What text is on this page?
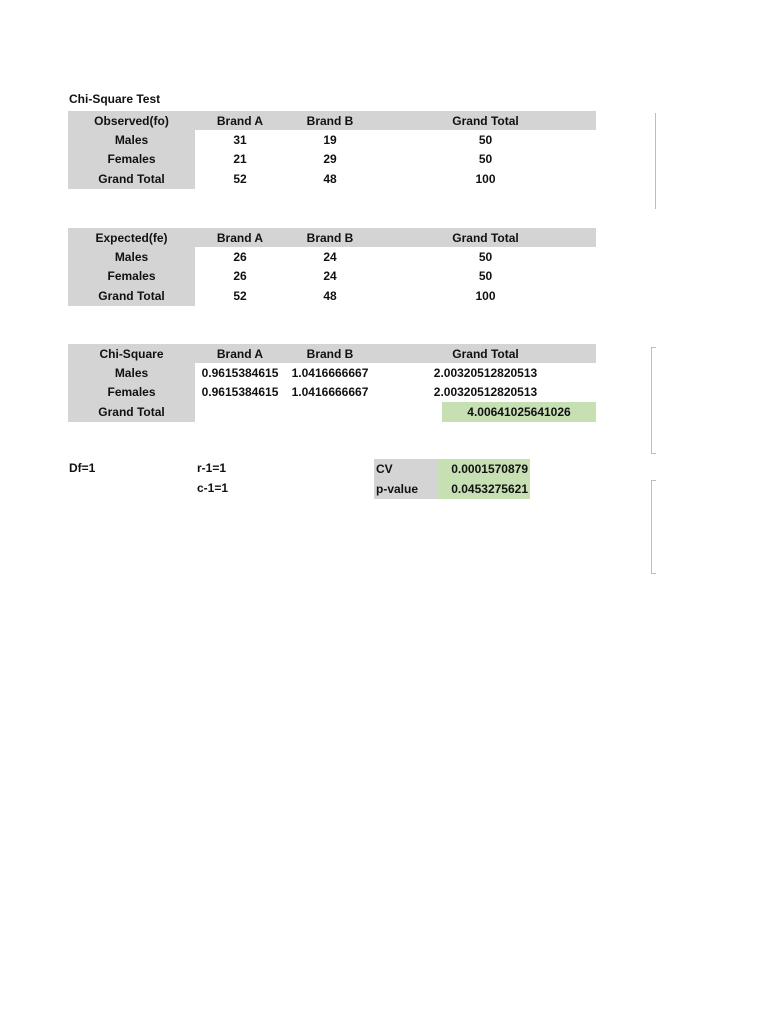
Chi-Square Test
Observed(fo)	Brand A	Brand B	Grand Total
Males	31	19	50
Females	21	29	50
Grand Total	52	48	100
Expected(fe)	Brand A	Brand B	Grand Total
Males	26	24	50
Females	26	24	50
Grand Total	52	48	100
Chi-Square	Brand A	Brand B	Grand Total	
Males	0.9615384615	1.0416666667	2.00320512820513	
Females	0.9615384615	1.0416666667	2.00320512820513	
Grand Total				4.00641025641026
Df=1	r-1=1
c-1=1
CV	0.0001570879
p-value	0.0453275621
